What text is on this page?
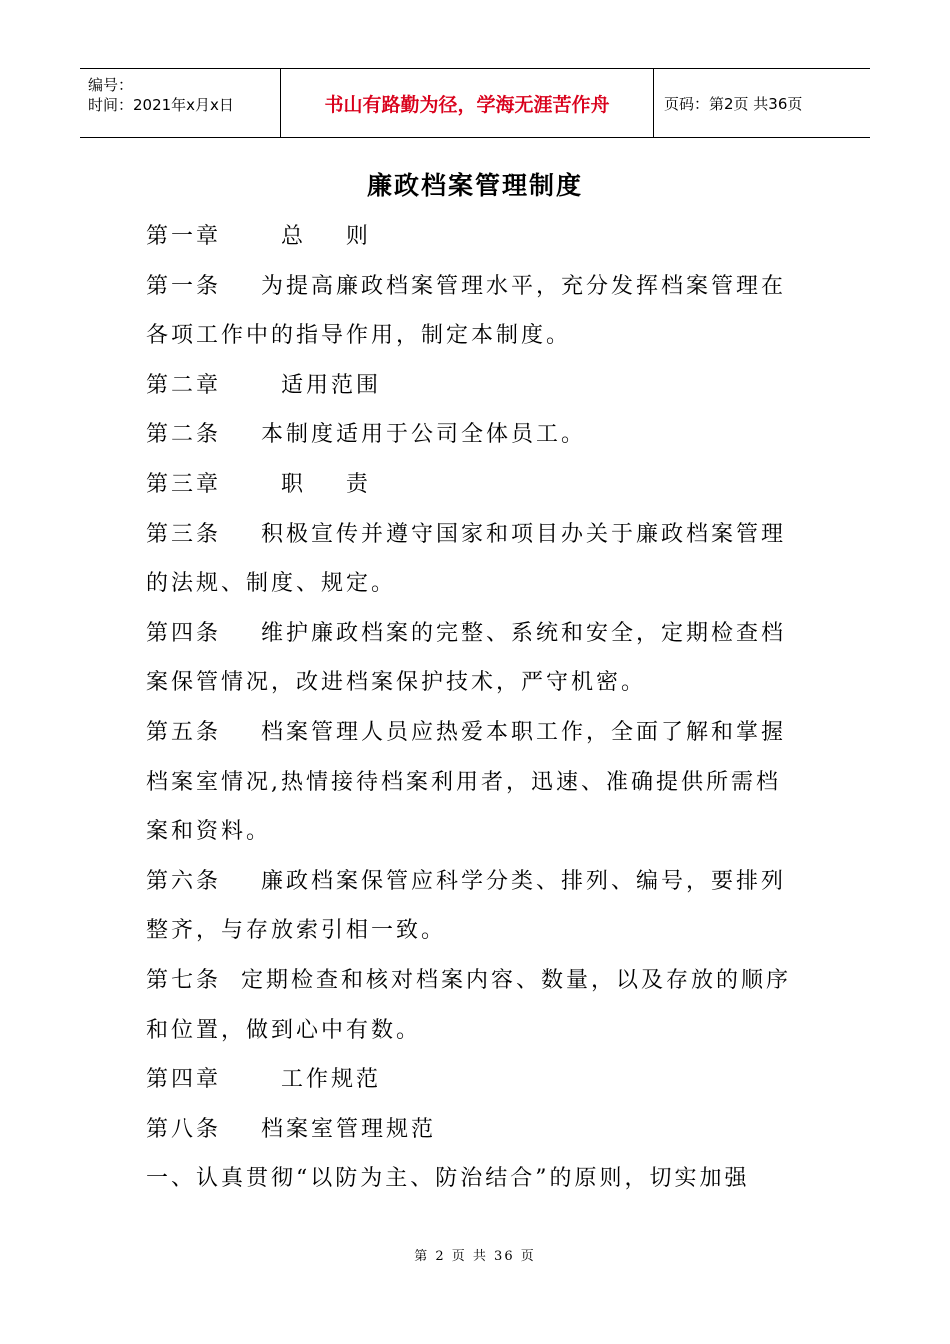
编号：
时间：2021年x月x日	书山有路勤为径，学海无涯苦作舟	页码：第2页 共36页
廉政档案管理制度

第一章      总    则

第一条    为提高廉政档案管理水平，充分发挥档案管理在

各项工作中的指导作用，制定本制度。

第二章      适用范围

第二条    本制度适用于公司全体员工。

第三章      职    责

第三条    积极宣传并遵守国家和项目办关于廉政档案管理

的法规、制度、规定。

第四条    维护廉政档案的完整、系统和安全，定期检查档

案保管情况，改进档案保护技术，严守机密。

第五条    档案管理人员应热爱本职工作，全面了解和掌握

档案室情况,热情接待档案利用者，迅速、准确提供所需档

案和资料。

第六条    廉政档案保管应科学分类、排列、编号，要排列

整齐，与存放索引相一致。

第七条  定期检查和核对档案内容、数量，以及存放的顺序

和位置，做到心中有数。

第四章      工作规范

第八条    档案室管理规范

一、认真贯彻“以防为主、防治结合”的原则，切实加强

第 2 页 共 36 页
